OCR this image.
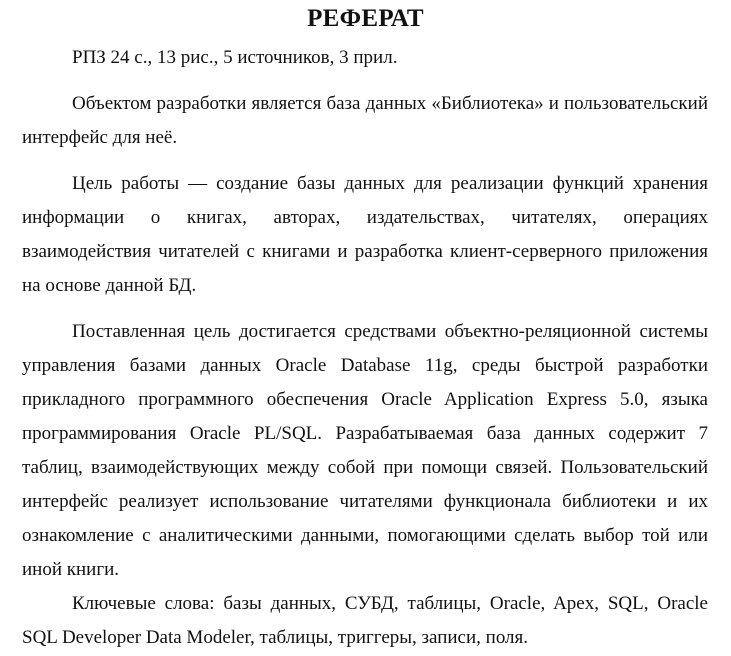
РЕФЕРАТ

РПЗ 24 с., 13 рис., 5 источников, 3 прил.

Объектом разработки является база данных «Библиотека» и пользовательский интерфейс для неё.

Цель работы — создание базы данных для реализации функций хранения информации о книгах, авторах, издательствах, читателях, операциях взаимодействия читателей с книгами и разработка клиент-серверного приложения на основе данной БД.

Поставленная цель достигается средствами объектно-реляционной системы управления базами данных Oracle Database 11g, среды быстрой разработки прикладного программного обеспечения Oracle Application Express 5.0, языка программирования Oracle PL/SQL. Разрабатываемая база данных содержит 7 таблиц, взаимодействующих между собой при помощи связей. Пользовательский интерфейс реализует использование читателями функционала библиотеки и их ознакомление с аналитическими данными, помогающими сделать выбор той или иной книги.

Ключевые слова: базы данных, СУБД, таблицы, Oracle, Apex, SQL, Oracle SQL Developer Data Modeler, таблицы, триггеры, записи, поля.
